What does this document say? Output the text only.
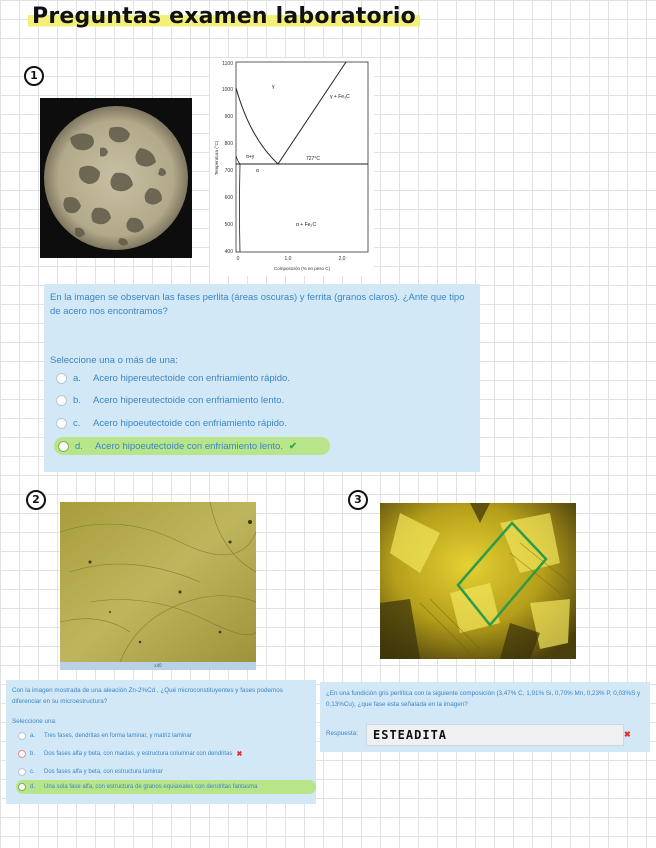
Preguntas examen laboratorio
1
1100
1000
900
800
700
600
500
400
0	1,0	2,0
Composición (% en peso C)
Temperatura (°C)
γ
γ + Fe₃C
α+γ
α
727°C
α + Fe₃C
En la imagen se observan las fases perlita (áreas oscuras) y ferrita (granos claros). ¿Ante que tipo de acero nos encontramos?
Seleccione una o más de una:
a.	Acero hipereutectoide con enfriamiento rápido.
b.	Acero hipereutectoide con enfriamiento lento.
c.	Acero hipoeutectoide con enfriamiento rápido.
d.	Acero hipoeutectoide con enfriamiento lento. ✔
2
x40
Con la imagen mostrada de una aleación Zn-2%Cd , ¿Qué microconstituyentes y fases podemos diferenciar en su microestructura?
Seleccione una:
a.	Tres fases, dendritas en forma laminar, y matriz laminar
b.	Dos fases alfa y beta, con maclas, y estructura columnar con dendritas ✖
c.	Dos fases alfa y beta, con estructura laminar
d.	Una sola fase alfa, con estructura de granos equiaxiales con dendritas fantasma
3
¿En una fundición gris perlítica con la siguiente composición (3,47% C, 1,91% Si, 0,70% Mn, 0,23% P, 0,03%S y 0,13%Cu), ¿que fase esta señalada en la imagen?
Respuesta: ESTEADITA	✖
